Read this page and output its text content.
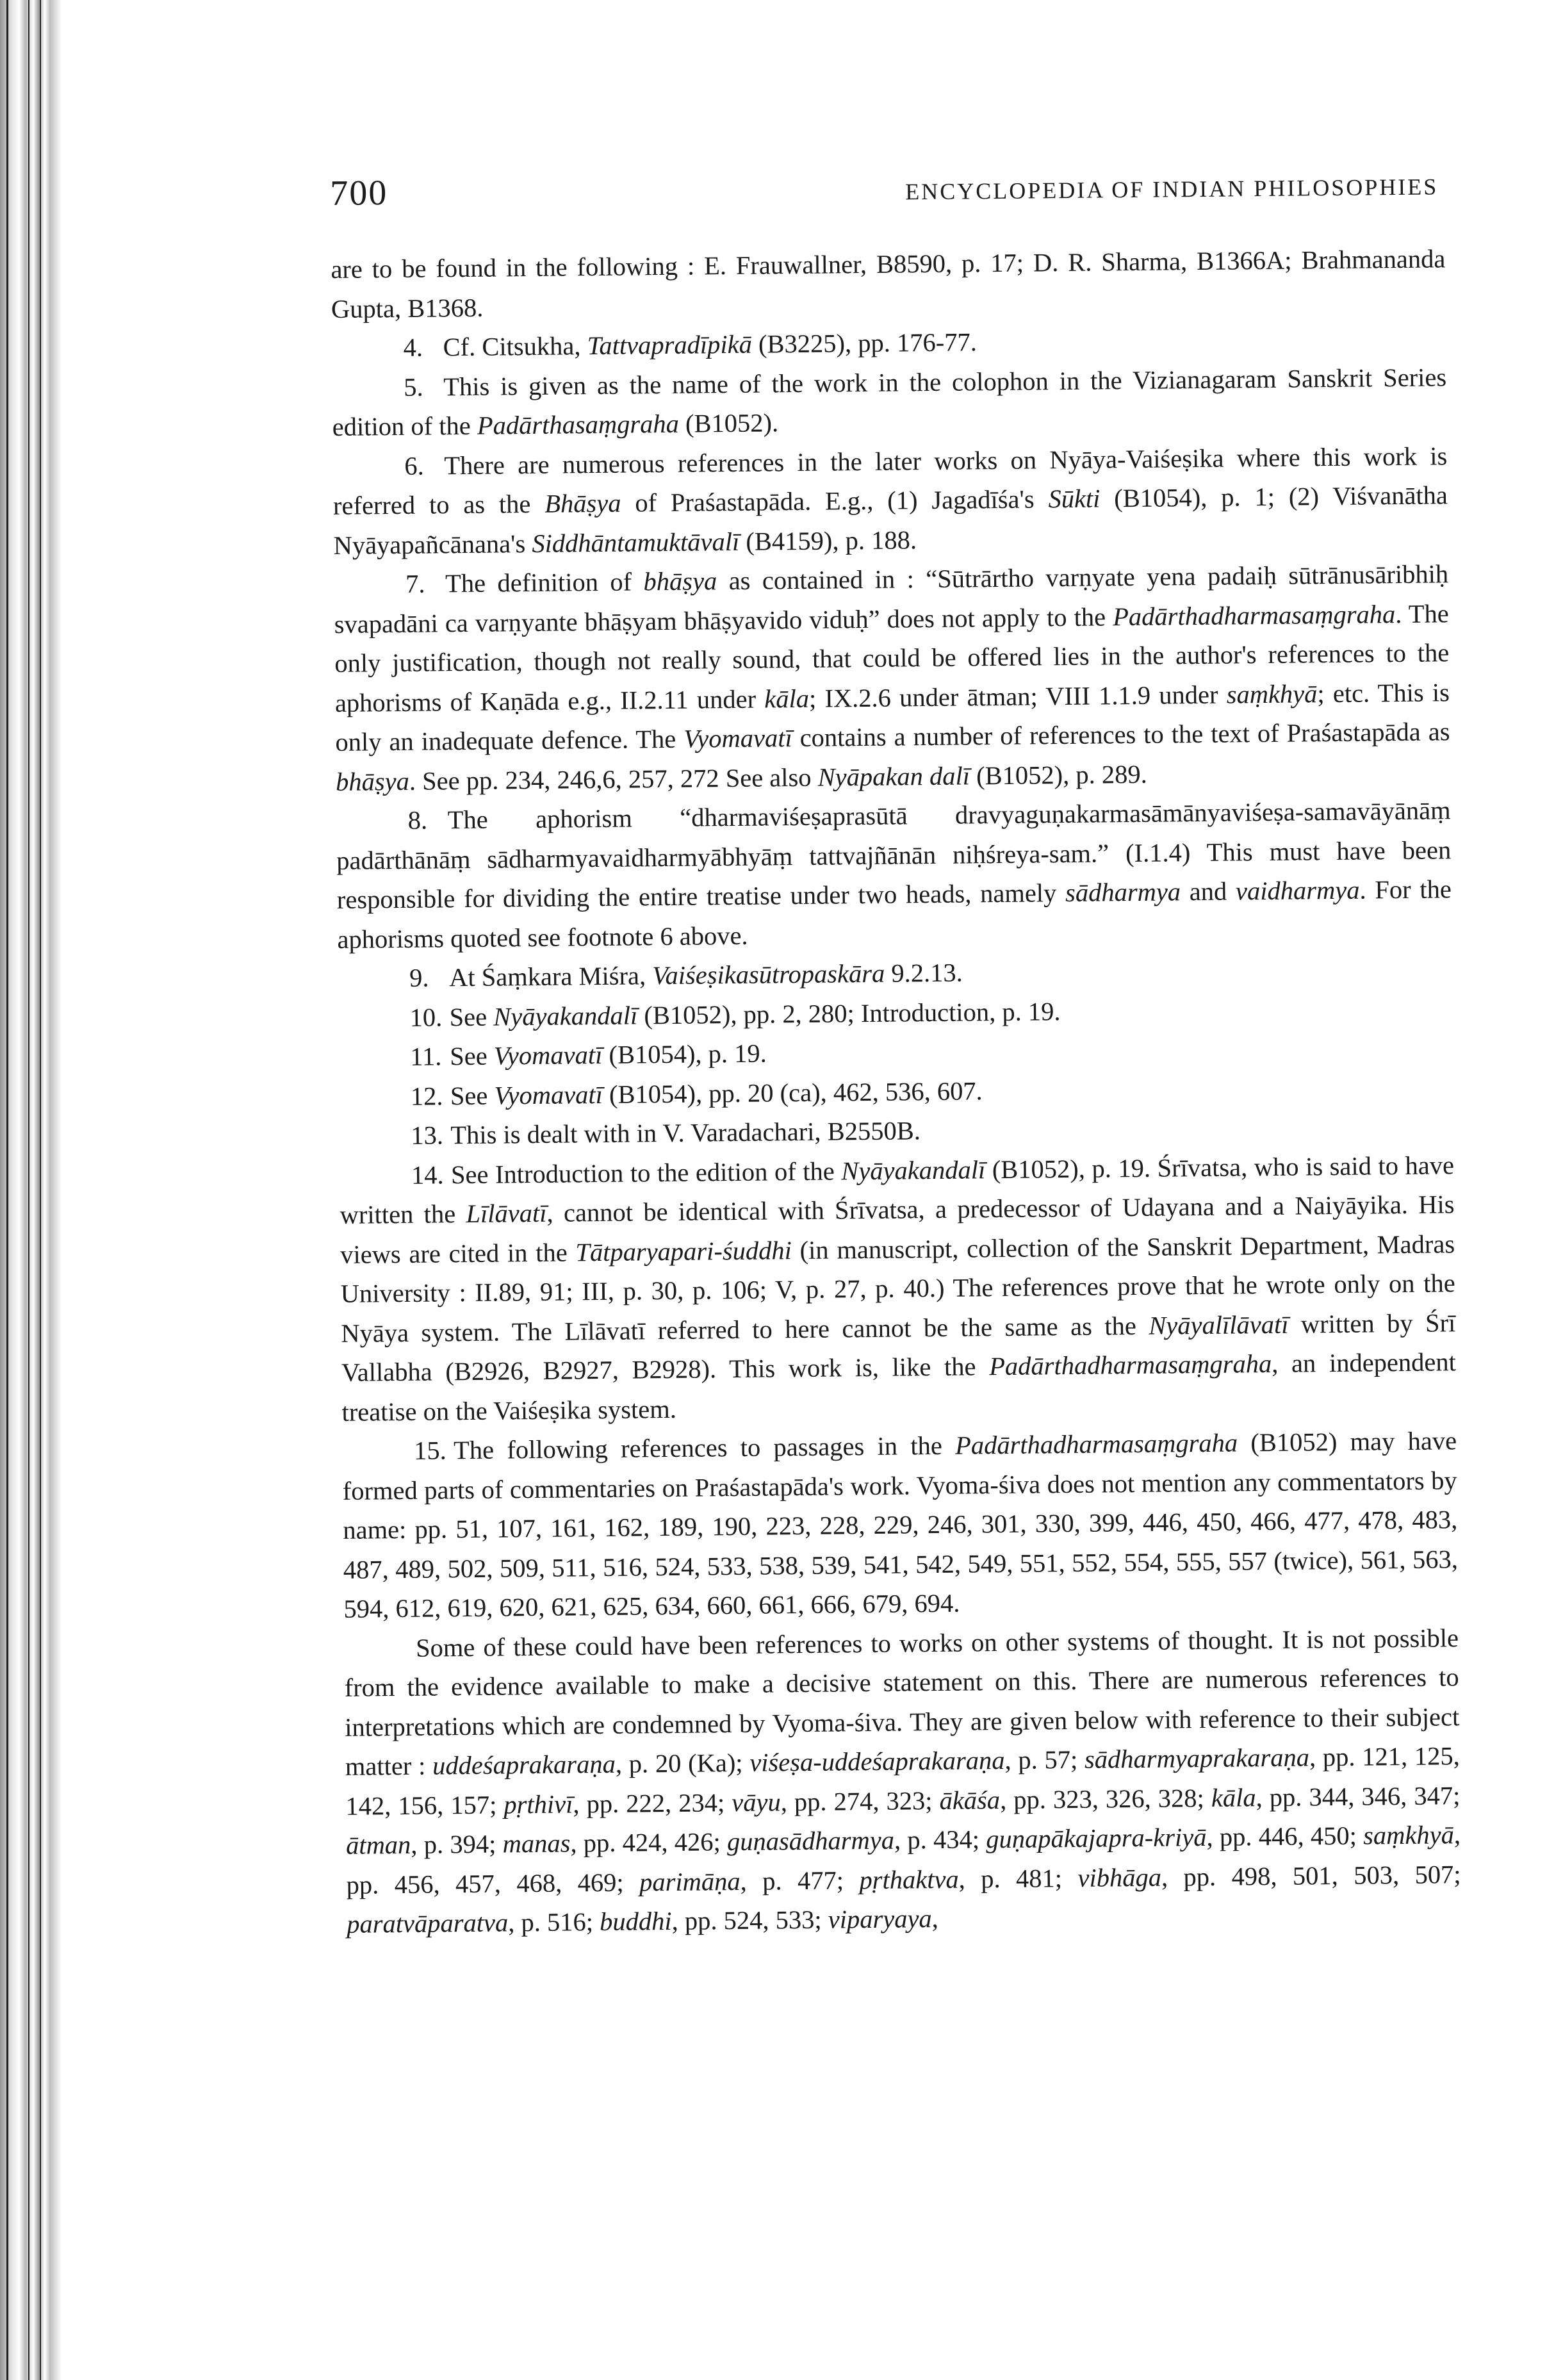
700	ENCYCLOPEDIA OF INDIAN PHILOSOPHIES

are to be found in the following : E. Frauwallner, B8590, p. 17; D. R. Sharma, B1366A; Brahmananda Gupta, B1368.

4. Cf. Citsukha, Tattvapradīpikā (B3225), pp. 176-77.

5. This is given as the name of the work in the colophon in the Vizianagaram Sanskrit Series edition of the Padārthasaṃgraha (B1052).

6. There are numerous references in the later works on Nyāya-Vaiśeṣika where this work is referred to as the Bhāṣya of Praśastapāda. E.g., (1) Jagadīśa's Sūkti (B1054), p. 1; (2) Viśvanātha Nyāyapañcānana's Siddhāntamuktāvalī (B4159), p. 188.

7. The definition of bhāṣya as contained in : “Sūtrārtho varṇyate yena padaiḥ sūtrānusāribhiḥ svapadāni ca varṇyante bhāṣyam bhāṣyavido viduḥ” does not apply to the Padārthadharmasaṃgraha. The only justification, though not really sound, that could be offered lies in the author's references to the aphorisms of Kaṇāda e.g., II.2.11 under kāla; IX.2.6 under ātman; VIII 1.1.9 under saṃkhyā; etc. This is only an inadequate defence. The Vyomavatī contains a number of references to the text of Praśastapāda as bhāṣya. See pp. 234, 246,6, 257, 272 See also Nyāpakan dalī (B1052), p. 289.

8. The aphorism “dharmaviśeṣaprasūtā dravyaguṇakarmasāmānyaviśeṣa-samavāyānāṃ padārthānāṃ sādharmyavaidharmyābhyāṃ tattvajñānān niḥśreya-sam.” (I.1.4) This must have been responsible for dividing the entire treatise under two heads, namely sādharmya and vaidharmya. For the aphorisms quoted see footnote 6 above.

9. At Śaṃkara Miśra, Vaiśeṣikasūtropaskāra 9.2.13.

10. See Nyāyakandalī (B1052), pp. 2, 280; Introduction, p. 19.

11. See Vyomavatī (B1054), p. 19.

12. See Vyomavatī (B1054), pp. 20 (ca), 462, 536, 607.

13. This is dealt with in V. Varadachari, B2550B.

14. See Introduction to the edition of the Nyāyakandalī (B1052), p. 19. Śrīvatsa, who is said to have written the Līlāvatī, cannot be identical with Śrīvatsa, a predecessor of Udayana and a Naiyāyika. His views are cited in the Tātparyapari-śuddhi (in manuscript, collection of the Sanskrit Department, Madras University : II.89, 91; III, p. 30, p. 106; V, p. 27, p. 40.) The references prove that he wrote only on the Nyāya system. The Līlāvatī referred to here cannot be the same as the Nyāyalīlāvatī written by Śrī Vallabha (B2926, B2927, B2928). This work is, like the Padārthadharmasaṃgraha, an independent treatise on the Vaiśeṣika system.

15. The following references to passages in the Padārthadharmasaṃgraha (B1052) may have formed parts of commentaries on Praśastapāda's work. Vyoma-śiva does not mention any commentators by name: pp. 51, 107, 161, 162, 189, 190, 223, 228, 229, 246, 301, 330, 399, 446, 450, 466, 477, 478, 483, 487, 489, 502, 509, 511, 516, 524, 533, 538, 539, 541, 542, 549, 551, 552, 554, 555, 557 (twice), 561, 563, 594, 612, 619, 620, 621, 625, 634, 660, 661, 666, 679, 694.

Some of these could have been references to works on other systems of thought. It is not possible from the evidence available to make a decisive statement on this. There are numerous references to interpretations which are condemned by Vyoma-śiva. They are given below with reference to their subject matter : uddeśaprakaraṇa, p. 20 (Ka); viśeṣa-uddeśaprakaraṇa, p. 57; sādharmyaprakaraṇa, pp. 121, 125, 142, 156, 157; pṛthivī, pp. 222, 234; vāyu, pp. 274, 323; ākāśa, pp. 323, 326, 328; kāla, pp. 344, 346, 347; ātman, p. 394; manas, pp. 424, 426; guṇasādharmya, p. 434; guṇapākajapra-kriyā, pp. 446, 450; saṃkhyā, pp. 456, 457, 468, 469; parimāṇa, p. 477; pṛthaktva, p. 481; vibhāga, pp. 498, 501, 503, 507; paratvāparatva, p. 516; buddhi, pp. 524, 533; viparyaya,
